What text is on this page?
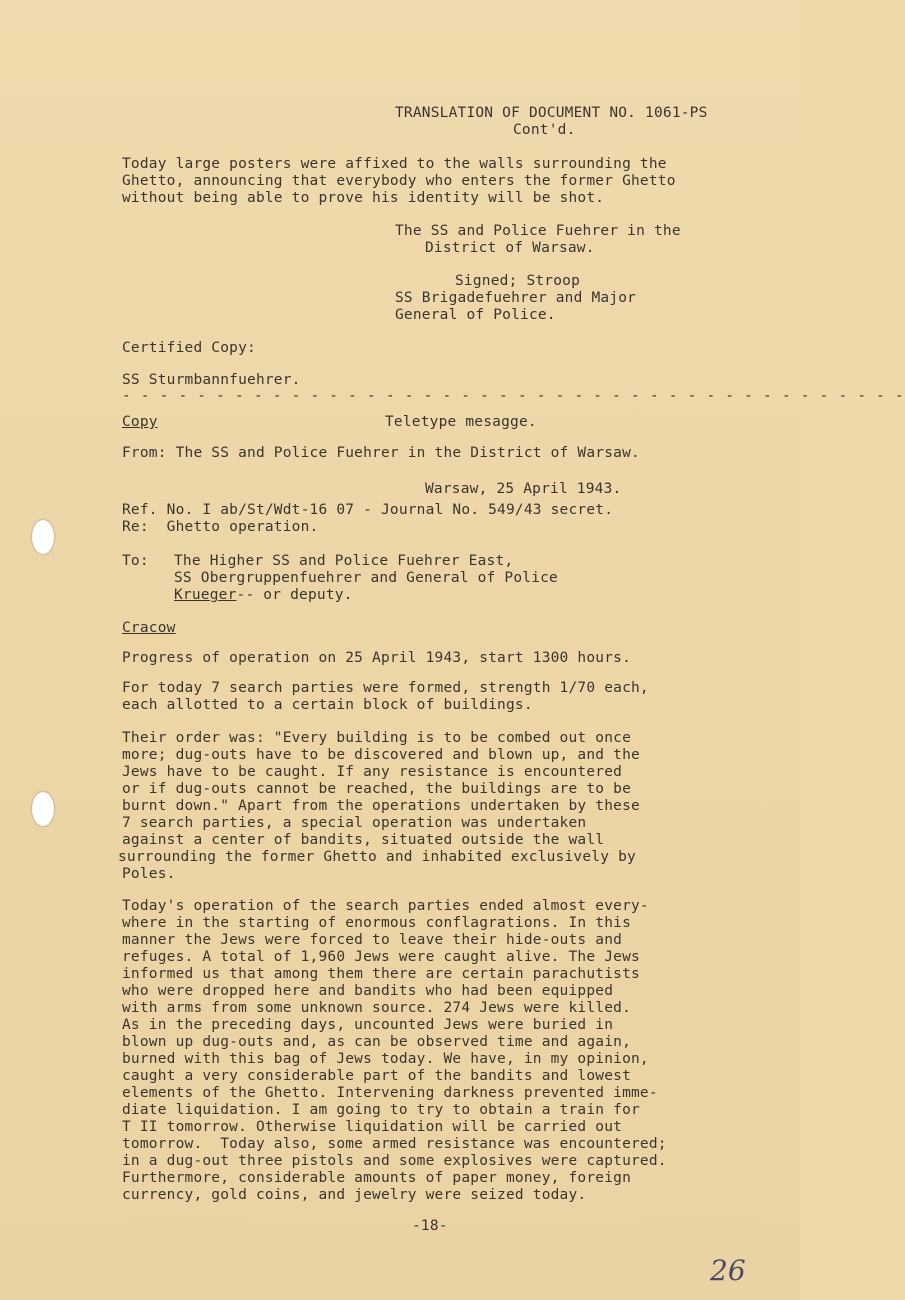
TRANSLATION OF DOCUMENT NO. 1061-PS
Cont'd.
Today large posters were affixed to the walls surrounding the
Ghetto, announcing that everybody who enters the former Ghetto
without being able to prove his identity will be shot.
The SS and Police Fuehrer in the
District of Warsaw.
Signed; Stroop
SS Brigadefuehrer and Major
General of Police.
Certified Copy:
SS Sturmbannfuehrer.
- - - - - - - - - - - - - - - - - - - - - - - - - - - - - - - - - - - - - - - - - -
Copy	Teletype mesagge.
From: The SS and Police Fuehrer in the District of Warsaw.
Warsaw, 25 April 1943.
Ref. No. I ab/St/Wdt-16 07 - Journal No. 549/43 secret.
Re:  Ghetto operation.
To: The Higher SS and Police Fuehrer East,
SS Obergruppenfuehrer and General of Police
Krueger-- or deputy.
Cracow
Progress of operation on 25 April 1943, start 1300 hours.
For today 7 search parties were formed, strength 1/70 each,
each allotted to a certain block of buildings.
Their order was: "Every building is to be combed out once
more; dug-outs have to be discovered and blown up, and the
Jews have to be caught. If any resistance is encountered
or if dug-outs cannot be reached, the buildings are to be
burnt down." Apart from the operations undertaken by these
7 search parties, a special operation was undertaken
against a center of bandits, situated outside the wall
surrounding the former Ghetto and inhabited exclusively by
Poles.
Today's operation of the search parties ended almost every-
where in the starting of enormous conflagrations. In this
manner the Jews were forced to leave their hide-outs and
refuges. A total of 1,960 Jews were caught alive. The Jews
informed us that among them there are certain parachutists
who were dropped here and bandits who had been equipped
with arms from some unknown source. 274 Jews were killed.
As in the preceding days, uncounted Jews were buried in
blown up dug-outs and, as can be observed time and again,
burned with this bag of Jews today. We have, in my opinion,
caught a very considerable part of the bandits and lowest
elements of the Ghetto. Intervening darkness prevented imme-
diate liquidation. I am going to try to obtain a train for
T II tomorrow. Otherwise liquidation will be carried out
tomorrow.  Today also, some armed resistance was encountered;
in a dug-out three pistols and some explosives were captured.
Furthermore, considerable amounts of paper money, foreign
currency, gold coins, and jewelry were seized today.
-18-
26
